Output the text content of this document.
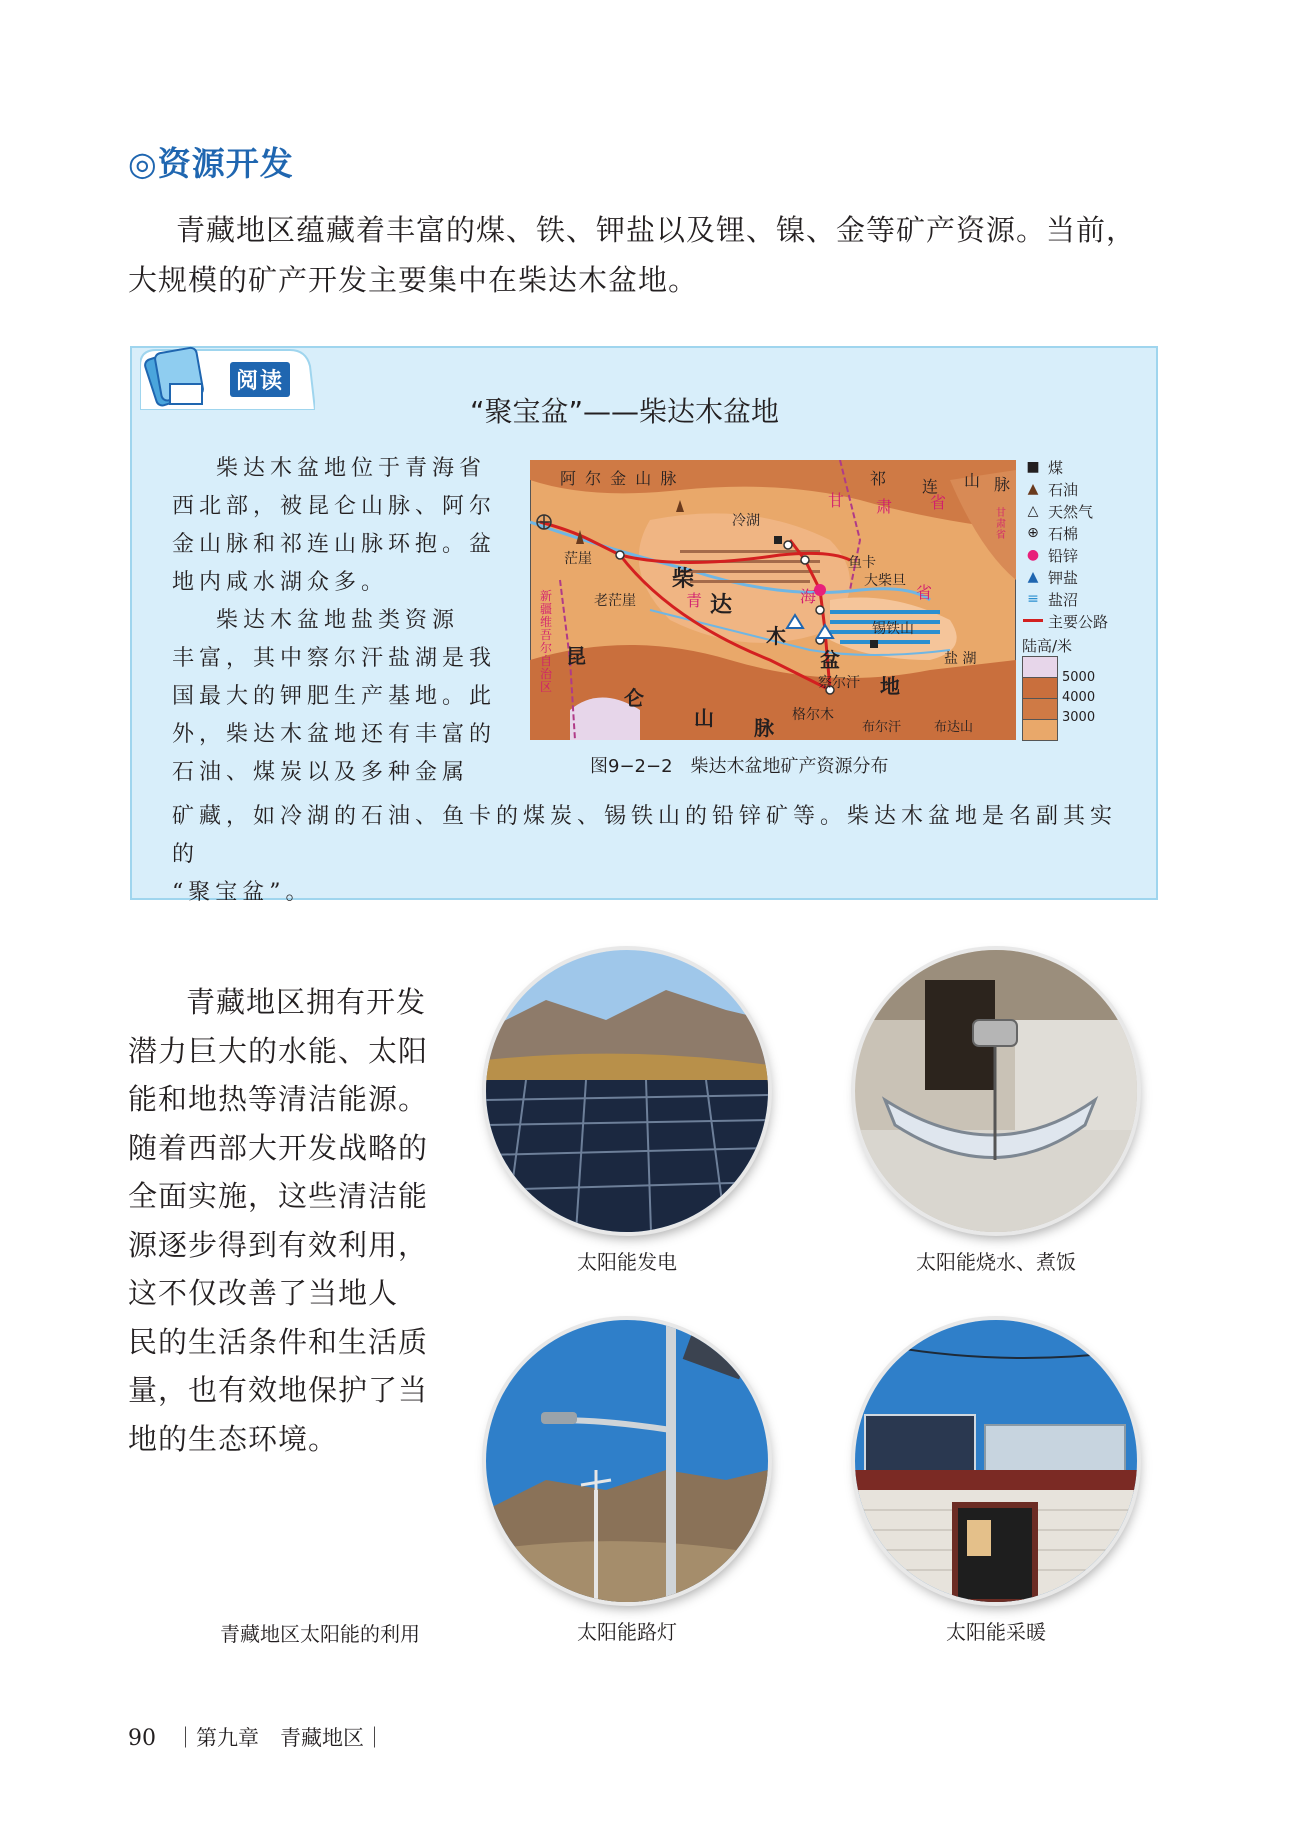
◎资源开发
青藏地区蕴藏着丰富的煤、铁、钾盐以及锂、镍、金等矿产资源。当前，
大规模的矿产开发主要集中在柴达木盆地。
阅读
“聚宝盆”——柴达木盆地

柴达木盆地位于青海省

西北部，被昆仑山脉、阿尔

金山脉和祁连山脉环抱。盆

地内咸水湖众多。

柴达木盆地盐类资源

丰富，其中察尔汗盐湖是我

国最大的钾肥生产基地。此

外，柴达木盆地还有丰富的

石油、煤炭以及多种金属

矿藏，如冷湖的石油、鱼卡的煤炭、锡铁山的铅锌矿等。柴达木盆地是名副其实的
“聚宝盆”。
阿 尔 金 山 脉	祁 连 山 脉
甘 肃 省
甘肃省
新疆维吾尔自治区
冷湖
茫崖
老茫崖
鱼卡
大柴旦
柴
青 达	海	省
木
盆
地
锡铁山
察尔汗
盐 湖
格尔木
布尔汗	布达山
昆
仑
山 脉
图9−2−2　柴达木盆地矿产资源分布
■ 煤
▲ 石油
△ 天然气
⊕ 石棉
● 铅锌
▲ 钾盐
≡ 盐沼
主要公路
陆高/米
5000
4000
3000

青藏地区拥有开发

潜力巨大的水能、太阳

能和地热等清洁能源。

随着西部大开发战略的

全面实施，这些清洁能

源逐步得到有效利用，

这不仅改善了当地人

民的生活条件和生活质

量，也有效地保护了当

地的生态环境。

太阳能发电	太阳能烧水、煮饭
太阳能路灯	太阳能采暖
青藏地区太阳能的利用
90 ｜第九章　青藏地区｜
